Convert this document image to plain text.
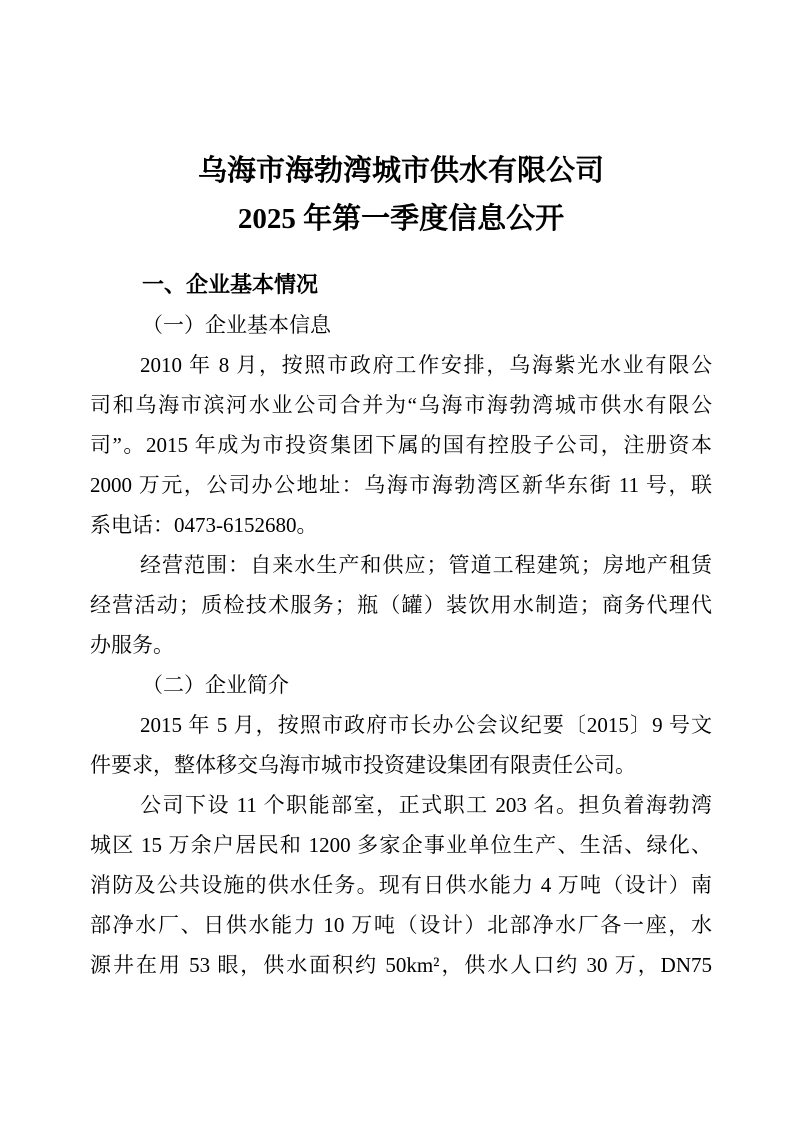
乌海市海勃湾城市供水有限公司
2025 年第一季度信息公开
一、企业基本情况
（一）企业基本信息
2010 年 8 月，按照市政府工作安排，乌海紫光水业有限公
司和乌海市滨河水业公司合并为“乌海市海勃湾城市供水有限公
司”。2015 年成为市投资集团下属的国有控股子公司，注册资本
2000 万元，公司办公地址：乌海市海勃湾区新华东街 11 号，联
系电话：0473-6152680。
经营范围：自来水生产和供应；管道工程建筑；房地产租赁
经营活动；质检技术服务；瓶（罐）装饮用水制造；商务代理代
办服务。
（二）企业简介
2015 年 5 月，按照市政府市长办公会议纪要〔2015〕9 号文
件要求，整体移交乌海市城市投资建设集团有限责任公司。
公司下设 11 个职能部室，正式职工 203 名。担负着海勃湾
城区 15 万余户居民和 1200 多家企事业单位生产、生活、绿化、
消防及公共设施的供水任务。现有日供水能力 4 万吨（设计）南
部净水厂、日供水能力 10 万吨（设计）北部净水厂各一座，水
源井在用 53 眼，供水面积约 50km²，供水人口约 30 万，DN75
